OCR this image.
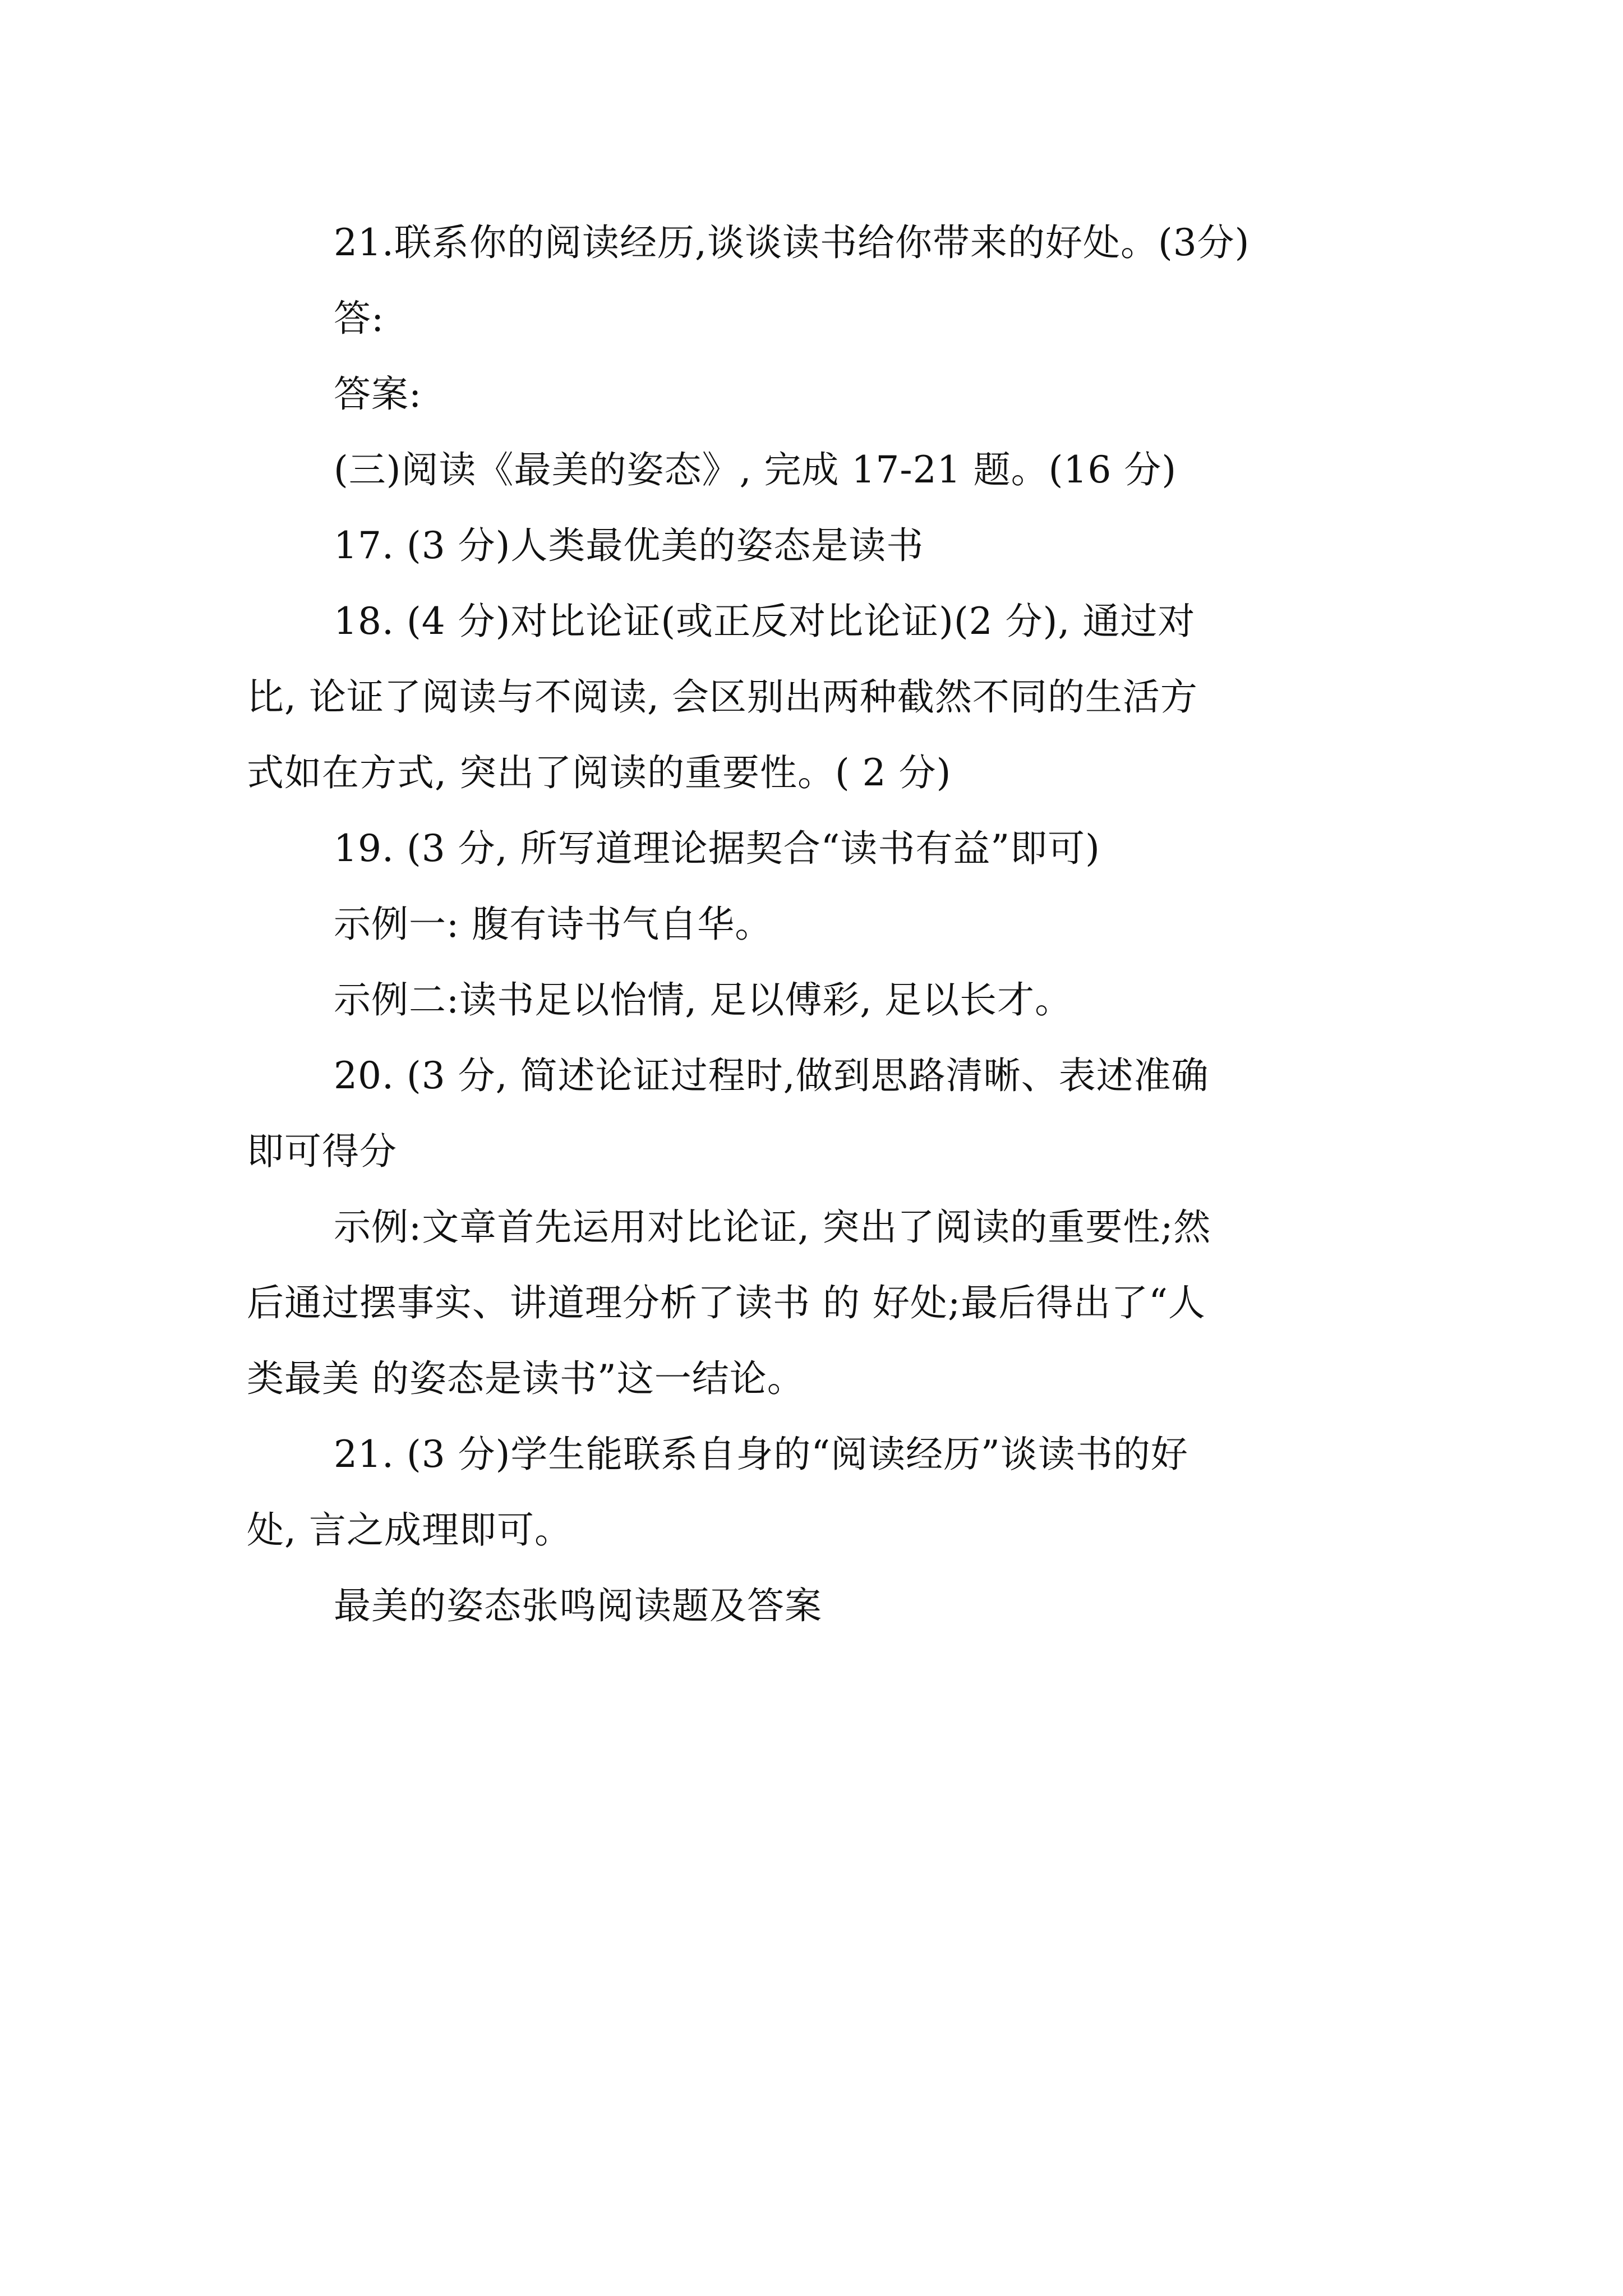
21.联系你的阅读经历,谈谈读书给你带来的好处。(3分)

答:

答案:

(三)阅读《最美的姿态》, 完成 17-21 题。(16 分)

17. (3 分)人类最优美的姿态是读书

18. (4 分)对比论证(或正反对比论证)(2 分), 通过对

比, 论证了阅读与不阅读, 会区别出两种截然不同的生活方

式如在方式, 突出了阅读的重要性。( 2 分)

19. (3 分, 所写道理论据契合“读书有益”即可)

示例一: 腹有诗书气自华。

示例二:读书足以怡情, 足以傅彩, 足以长才。

20. (3 分, 简述论证过程时,做到思路清晰、表述准确

即可得分

示例:文章首先运用对比论证, 突出了阅读的重要性;然

后通过摆事实、讲道理分析了读书 的 好处;最后得出了“人

类最美 的姿态是读书”这一结论。

21. (3 分)学生能联系自身的“阅读经历”谈读书的好

处, 言之成理即可。

最美的姿态张鸣阅读题及答案
